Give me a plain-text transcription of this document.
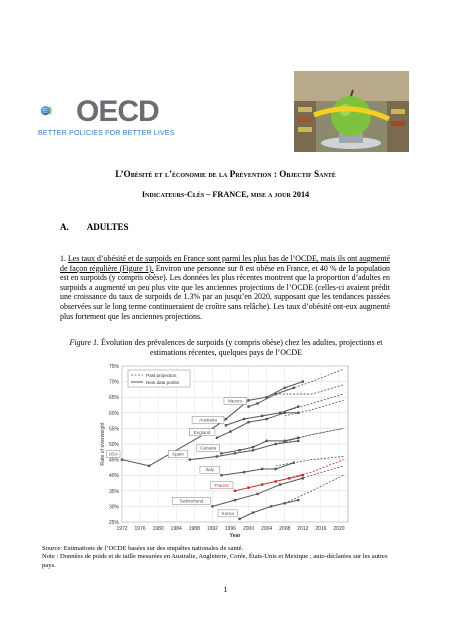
OECD
BETTER POLICIES FOR BETTER LIVES
L’Obésité et l’économie de la Prévention : Objectif Santé
Indicateurs-Clés – FRANCE, mise a jour 2014
A. ADULTES
1. Les taux d’obésité et de surpoids en France sont parmi les plus bas de l’OCDE, mais ils ont augmenté de façon régulière (Figure 1). Environ une personne sur 8 est obèse en France, et 40 % de la population est en surpoids (y compris obèse). Les données les plus récentes montrent que la proportion d’adultes en surpoids a augmenté un peu plus vite que les anciennes projections de l’OCDE (celles-ci avaient prédit une croissance du taux de surpoids de 1.3% par an jusqu’en 2020, supposant que les tendances passées observées sur le long terme continueraient de croître sans relâche). Les taux d’obésité ont-eux augmenté plus fortement que les anciennes projections.
Figure 1. Évolution des prévalences de surpoids (y compris obèse) chez les adultes, projections et estimations récentes, quelques pays de l’OCDE
25%
30%
35%
40%
45%
50%
55%
60%
65%
70%
75%
1972 1976 1980 1984 1988 1992 1996 2000 2004 2008 2012 2016 2020
Year
Rate of overweight USA
Mexico
Australia
England
Canada
Spain
Italy
France
Switzerland
Korea
Past projection
New data points
Source: Estimations de l’OCDE basées sur des enquêtes nationales de santé.
Note : Données de poids et de taille mesurées en Australie, Angleterre, Corée, États-Unis et Mexique ; auto-déclarées sur les autres pays.
1
